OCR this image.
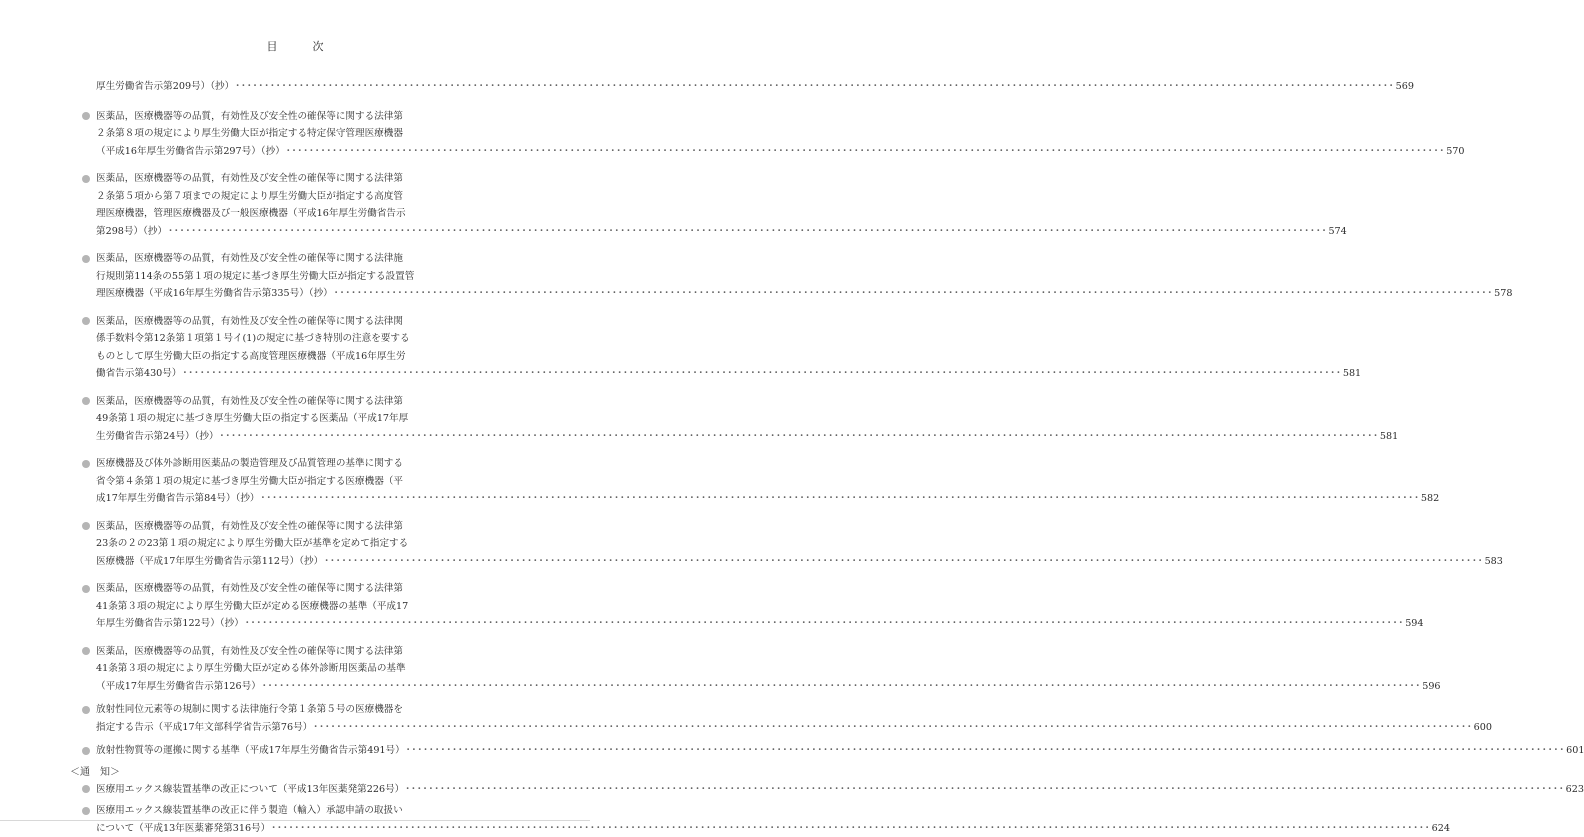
目　次
厚生労働省告示第209号）（抄） ････････････････････････････････････････････････････････････････････････････････････････････････････････････････････････････････････････････････････････････････････････････････････････････････････････ 569
医薬品，医療機器等の品質，有効性及び安全性の確保等に関する法律第
２条第８項の規定により厚生労働大臣が指定する特定保守管理医療機器
（平成16年厚生労働省告示第297号）（抄） ････････････････････････････････････････････････････････････････････････････････････････････････････････････････････････････････････････････････････････････････････････････････････････････････････････ 570
医薬品，医療機器等の品質，有効性及び安全性の確保等に関する法律第
２条第５項から第７項までの規定により厚生労働大臣が指定する高度管
理医療機器，管理医療機器及び一般医療機器（平成16年厚生労働省告示
第298号）（抄） ････････････････････････････････････････････････････････････････････････････････････････････････････････････････････････････････････････････････････････････････････････････････････････････････････････ 574
医薬品，医療機器等の品質，有効性及び安全性の確保等に関する法律施
行規則第114条の55第１項の規定に基づき厚生労働大臣が指定する設置管
理医療機器（平成16年厚生労働省告示第335号）（抄） ････････････････････････････････････････････････････････････････････････････････････････････････････････････････････････････････････････････････････････････････････････････････････････････････････････ 578
医薬品，医療機器等の品質，有効性及び安全性の確保等に関する法律関
係手数料令第12条第１項第１号イ(1)の規定に基づき特別の注意を要する
ものとして厚生労働大臣の指定する高度管理医療機器（平成16年厚生労
働省告示第430号） ････････････････････････････････････････････････････････････････････････････････････････････････････････････････････････････････････････････････････････････････････････････････････････････････････････ 581
医薬品，医療機器等の品質，有効性及び安全性の確保等に関する法律第
49条第１項の規定に基づき厚生労働大臣の指定する医薬品（平成17年厚
生労働省告示第24号）（抄） ････････････････････････････････････････････････････････････････････････････････････････････････････････････････････････････････････････････････････････････････････････････････････････････････････････ 581
医療機器及び体外診断用医薬品の製造管理及び品質管理の基準に関する
省令第４条第１項の規定に基づき厚生労働大臣が指定する医療機器（平
成17年厚生労働省告示第84号）（抄） ････････････････････････････････････････････････････････････････････････････････････････････････････････････････････････････････････････････････････････････････････････････････････････････････････････ 582
医薬品，医療機器等の品質，有効性及び安全性の確保等に関する法律第
23条の２の23第１項の規定により厚生労働大臣が基準を定めて指定する
医療機器（平成17年厚生労働省告示第112号）（抄） ････････････････････････････････････････････････････････････････････････････････････････････････････････････････････････････････････････････････････････････････････････････････････････････････････････ 583
医薬品，医療機器等の品質，有効性及び安全性の確保等に関する法律第
41条第３項の規定により厚生労働大臣が定める医療機器の基準（平成17
年厚生労働省告示第122号）（抄） ････････････････････････････････････････････････････････････････････････････････････････････････････････････････････････････････････････････････････････････････････････････････････････････････････････ 594
医薬品，医療機器等の品質，有効性及び安全性の確保等に関する法律第
41条第３項の規定により厚生労働大臣が定める体外診断用医薬品の基準
（平成17年厚生労働省告示第126号） ････････････････････････････････････････････････････････････････････････････････････････････････････････････････････････････････････････････････････････････････････････････････････････････････････････ 596
放射性同位元素等の規制に関する法律施行令第１条第５号の医療機器を
指定する告示（平成17年文部科学省告示第76号） ････････････････････････････････････････････････････････････････････････････････････････････････････････････････････････････････････････････････････････････････････････････････････････････････････････ 600
放射性物質等の運搬に関する基準（平成17年厚生労働省告示第491号） ････････････････････････････････････････････････････････････････････････････････････････････････････････････････････････････････････････････････････････････････････････････････････････････････････････ 601
＜通　知＞
医療用エックス線装置基準の改正について（平成13年医薬発第226号） ････････････････････････････････････････････････････････････････････････････････････････････････････････････････････････････････････････････････････････････････････････････････････････････････････････ 623
医療用エックス線装置基準の改正に伴う製造（輸入）承認申請の取扱い
について（平成13年医薬審発第316号） ････････････････････････････････････････････････････････････････････････････････････････････････････････････････････････････････････････････････････････････････････････････････････････････････････････ 624
